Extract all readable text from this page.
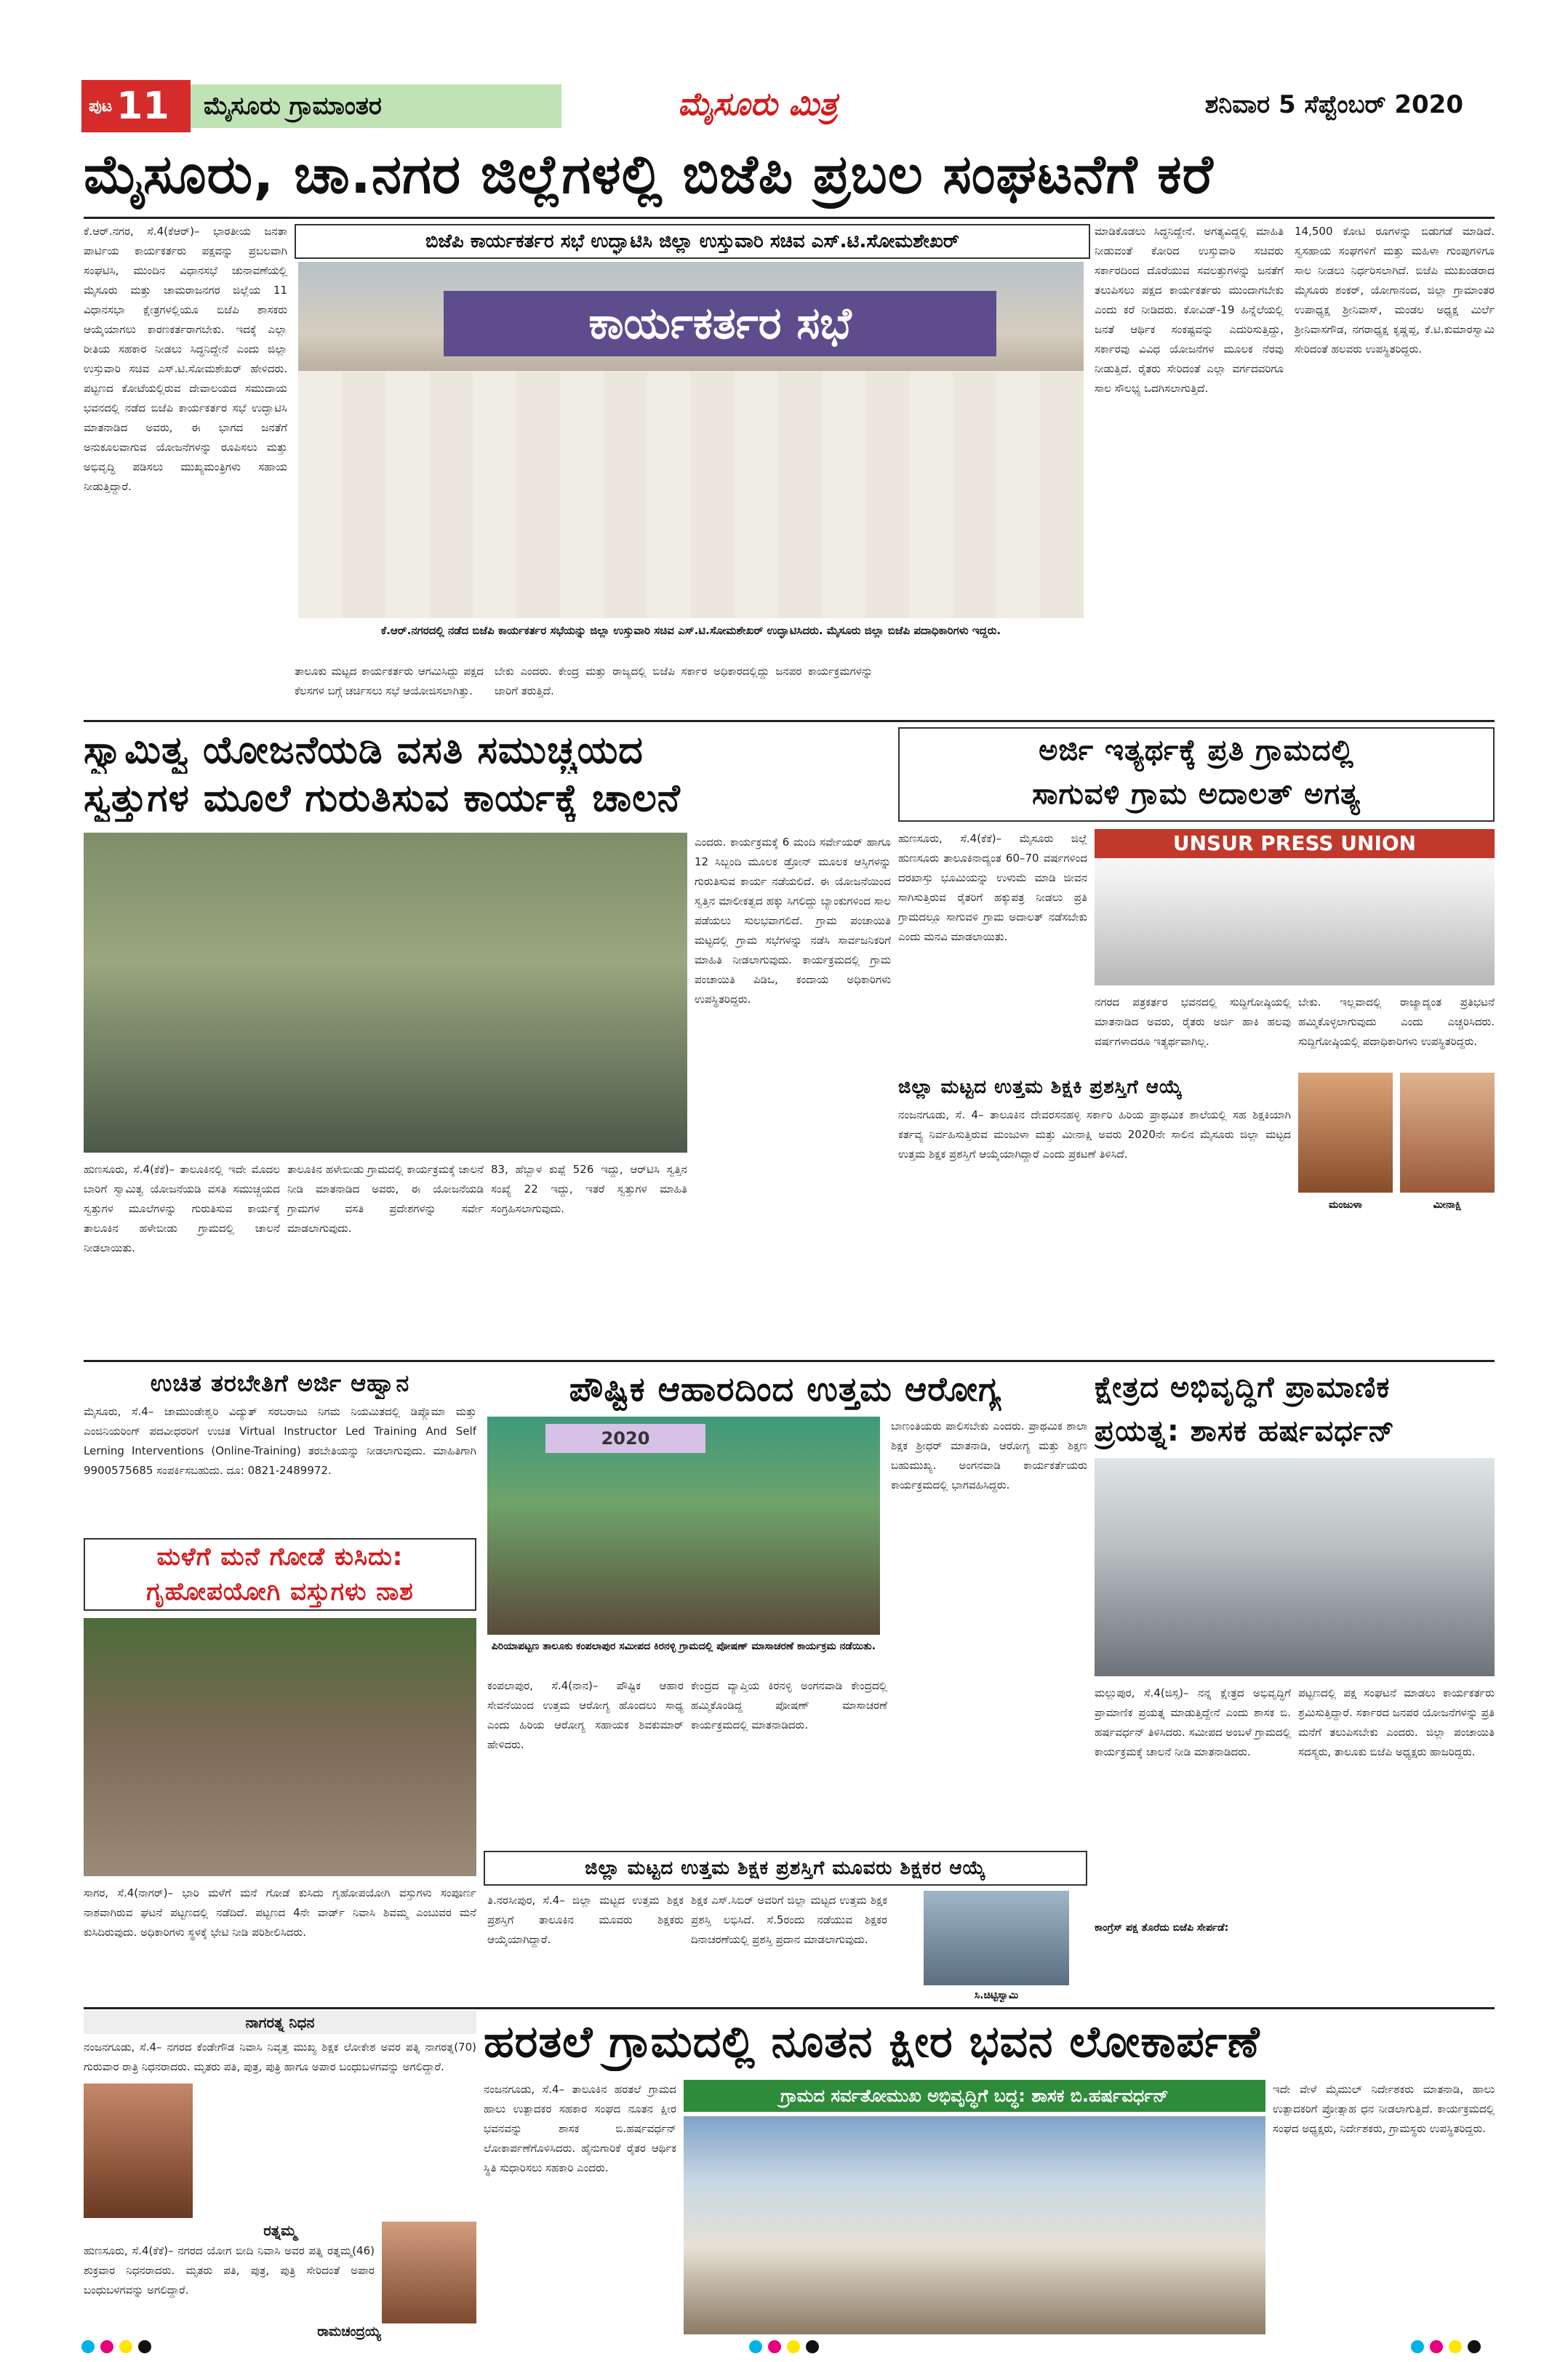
ಪುಟ 11	ಮೈಸೂರು ಗ್ರಾಮಾಂತರ	ಮೈಸೂರು ಮಿತ್ರ	ಶನಿವಾರ 5 ಸೆಪ್ಟೆಂಬರ್ 2020
ಮೈಸೂರು, ಚಾ.ನಗರ ಜಿಲ್ಲೆಗಳಲ್ಲಿ ಬಿಜೆಪಿ ಪ್ರಬಲ ಸಂಘಟನೆಗೆ ಕರೆ
ಕೆ.ಆರ್.ನಗರ, ಸೆ.4(ಕೆಆರ್)– ಭಾರತೀಯ ಜನತಾ ಪಾರ್ಟಿಯ ಕಾರ್ಯಕರ್ತರು ಪಕ್ಷವನ್ನು ಪ್ರಬಲವಾಗಿ ಸಂಘಟಿಸಿ, ಮುಂದಿನ ವಿಧಾನಸಭೆ ಚುನಾವಣೆಯಲ್ಲಿ ಮೈಸೂರು ಮತ್ತು ಚಾಮರಾಜನಗರ ಜಿಲ್ಲೆಯ 11 ವಿಧಾನಸಭಾ ಕ್ಷೇತ್ರಗಳಲ್ಲಿಯೂ ಬಿಜೆಪಿ ಶಾಸಕರು ಆಯ್ಕೆಯಾಗಲು ಕಾರಣಕರ್ತರಾಗಬೇಕು. ಇದಕ್ಕೆ ಎಲ್ಲಾ ರೀತಿಯ ಸಹಕಾರ ನೀಡಲು ಸಿದ್ಧನಿದ್ದೇನೆ ಎಂದು ಜಿಲ್ಲಾ ಉಸ್ತುವಾರಿ ಸಚಿವ ಎಸ್.ಟಿ.ಸೋಮಶೇಖರ್ ಹೇಳಿದರು. ಪಟ್ಟಣದ ಕೋಟೆಯಲ್ಲಿರುವ ದೇವಾಲಯದ ಸಮುದಾಯ ಭವನದಲ್ಲಿ ನಡೆದ ಬಿಜೆಪಿ ಕಾರ್ಯಕರ್ತರ ಸಭೆ ಉದ್ಘಾಟಿಸಿ ಮಾತನಾಡಿದ ಅವರು, ಈ ಭಾಗದ ಜನತೆಗೆ ಅನುಕೂಲವಾಗುವ ಯೋಜನೆಗಳನ್ನು ರೂಪಿಸಲು ಮತ್ತು ಅಭಿವೃದ್ಧಿ ಪಡಿಸಲು ಮುಖ್ಯಮಂತ್ರಿಗಳು ಸಹಾಯ ನೀಡುತ್ತಿದ್ದಾರೆ.
ಬಿಜೆಪಿ ಕಾರ್ಯಕರ್ತರ ಸಭೆ ಉದ್ಘಾಟಿಸಿ ಜಿಲ್ಲಾ ಉಸ್ತುವಾರಿ ಸಚಿವ ಎಸ್.ಟಿ.ಸೋಮಶೇಖರ್
ಕಾರ್ಯಕರ್ತರ ಸಭೆ
ಕೆ.ಆರ್.ನಗರದಲ್ಲಿ ನಡೆದ ಬಿಜೆಪಿ ಕಾರ್ಯಕರ್ತರ ಸಭೆಯನ್ನು ಜಿಲ್ಲಾ ಉಸ್ತುವಾರಿ ಸಚಿವ ಎಸ್.ಟಿ.ಸೋಮಶೇಖರ್ ಉದ್ಘಾಟಿಸಿದರು. ಮೈಸೂರು ಜಿಲ್ಲಾ ಬಿಜೆಪಿ ಪದಾಧಿಕಾರಿಗಳು ಇದ್ದರು.
ತಾಲೂಕು ಮಟ್ಟದ ಕಾರ್ಯಕರ್ತರು ಆಗಮಿಸಿದ್ದು ಪಕ್ಷದ ಕೆಲಸಗಳ ಬಗ್ಗೆ ಚರ್ಚಿಸಲು ಸಭೆ ಆಯೋಜಿಸಲಾಗಿತ್ತು.
ಬೇಕು ಎಂದರು. ಕೇಂದ್ರ ಮತ್ತು ರಾಜ್ಯದಲ್ಲಿ ಬಿಜೆಪಿ ಸರ್ಕಾರ ಅಧಿಕಾರದಲ್ಲಿದ್ದು ಜನಪರ ಕಾರ್ಯಕ್ರಮಗಳನ್ನು ಜಾರಿಗೆ ತರುತ್ತಿದೆ.
ಮಾಡಿಕೊಡಲು ಸಿದ್ಧನಿದ್ದೇನೆ. ಅಗತ್ಯವಿದ್ದಲ್ಲಿ ಮಾಹಿತಿ ನೀಡುವಂತೆ ಕೋರಿದ ಉಸ್ತುವಾರಿ ಸಚಿವರು ಸರ್ಕಾರದಿಂದ ದೊರೆಯುವ ಸವಲತ್ತುಗಳನ್ನು ಜನತೆಗೆ ತಲುಪಿಸಲು ಪಕ್ಷದ ಕಾರ್ಯಕರ್ತರು ಮುಂದಾಗಬೇಕು ಎಂದು ಕರೆ ನೀಡಿದರು. ಕೋವಿಡ್‌-19 ಹಿನ್ನೆಲೆಯಲ್ಲಿ ಜನತೆ ಆರ್ಥಿಕ ಸಂಕಷ್ಟವನ್ನು ಎದುರಿಸುತ್ತಿದ್ದು, ಸರ್ಕಾರವು ವಿವಿಧ ಯೋಜನೆಗಳ ಮೂಲಕ ನೆರವು ನೀಡುತ್ತಿದೆ. ರೈತರು ಸೇರಿದಂತೆ ಎಲ್ಲಾ ವರ್ಗದವರಿಗೂ ಸಾಲ ಸೌಲಭ್ಯ ಒದಗಿಸಲಾಗುತ್ತಿದೆ.
14,500 ಕೋಟಿ ರೂಗಳನ್ನು ಬಿಡುಗಡೆ ಮಾಡಿದೆ. ಸ್ವಸಹಾಯ ಸಂಘಗಳಿಗೆ ಮತ್ತು ಮಹಿಳಾ ಗುಂಪುಗಳಿಗೂ ಸಾಲ ನೀಡಲು ನಿರ್ಧರಿಸಲಾಗಿದೆ. ಬಿಜೆಪಿ ಮುಖಂಡರಾದ ಮೈಸೂರು ಶಂಕರ್, ಯೋಗಾನಂದ, ಜಿಲ್ಲಾ ಗ್ರಾಮಾಂತರ ಉಪಾಧ್ಯಕ್ಷ ಶ್ರೀನಿವಾಸ್, ಮಂಡಲ ಅಧ್ಯಕ್ಷ ಮಿರ್ಲೆ ಶ್ರೀನಿವಾಸಗೌಡ, ನಗರಾಧ್ಯಕ್ಷ ಕೃಷ್ಣಪ್ಪ, ಕೆ.ಟಿ.ಕುಮಾರಸ್ವಾಮಿ ಸೇರಿದಂತೆ ಹಲವರು ಉಪಸ್ಥಿತರಿದ್ದರು.
ಸ್ವಾಮಿತ್ವ ಯೋಜನೆಯಡಿ ವಸತಿ ಸಮುಚ್ಚಯದ
ಸ್ವತ್ತುಗಳ ಮೂಲೆ ಗುರುತಿಸುವ ಕಾರ್ಯಕ್ಕೆ ಚಾಲನೆ
ಎಂದರು. ಕಾರ್ಯಕ್ರಮಕ್ಕೆ 6 ಮಂದಿ ಸರ್ವೇಯರ್ ಹಾಗೂ 12 ಸಿಬ್ಬಂದಿ ಮೂಲಕ ಡ್ರೋನ್ ಮೂಲಕ ಆಸ್ತಿಗಳನ್ನು ಗುರುತಿಸುವ ಕಾರ್ಯ ನಡೆಯಲಿದೆ. ಈ ಯೋಜನೆಯಿಂದ ಸ್ವತ್ತಿನ ಮಾಲೀಕತ್ವದ ಹಕ್ಕು ಸಿಗಲಿದ್ದು ಬ್ಯಾಂಕುಗಳಿಂದ ಸಾಲ ಪಡೆಯಲು ಸುಲಭವಾಗಲಿದೆ. ಗ್ರಾಮ ಪಂಚಾಯಿತಿ ಮಟ್ಟದಲ್ಲಿ ಗ್ರಾಮ ಸಭೆಗಳನ್ನು ನಡೆಸಿ ಸಾರ್ವಜನಿಕರಿಗೆ ಮಾಹಿತಿ ನೀಡಲಾಗುವುದು. ಕಾರ್ಯಕ್ರಮದಲ್ಲಿ ಗ್ರಾಮ ಪಂಚಾಯಿತಿ ಪಿಡಿಒ, ಕಂದಾಯ ಅಧಿಕಾರಿಗಳು ಉಪಸ್ಥಿತರಿದ್ದರು.
ಹುಣಸೂರು, ಸೆ.4(ಕೆಕೆ)– ತಾಲೂಕಿನಲ್ಲಿ ಇದೇ ಮೊದಲ ಬಾರಿಗೆ ಸ್ವಾಮಿತ್ವ ಯೋಜನೆಯಡಿ ವಸತಿ ಸಮುಚ್ಚಯದ ಸ್ವತ್ತುಗಳ ಮೂಲೆಗಳನ್ನು ಗುರುತಿಸುವ ಕಾರ್ಯಕ್ಕೆ ತಾಲೂಕಿನ ಹಳೇಬೀಡು ಗ್ರಾಮದಲ್ಲಿ ಚಾಲನೆ ನೀಡಲಾಯಿತು.
ತಾಲೂಕಿನ ಹಳೇಬೀಡು ಗ್ರಾಮದಲ್ಲಿ ಕಾರ್ಯಕ್ರಮಕ್ಕೆ ಚಾಲನೆ ನೀಡಿ ಮಾತನಾಡಿದ ಅವರು, ಈ ಯೋಜನೆಯಡಿ ಗ್ರಾಮಗಳ ವಸತಿ ಪ್ರದೇಶಗಳನ್ನು ಸರ್ವೇ ಮಾಡಲಾಗುವುದು.
83, ಹೆಬ್ಬಾಳ ಕುಪ್ಪೆ 526 ಇದ್ದು, ಆರ್‌ಟಿಸಿ ಸ್ವತ್ತಿನ ಸಂಖ್ಯೆ 22 ಇದ್ದು, ಇತರೆ ಸ್ವತ್ತುಗಳ ಮಾಹಿತಿ ಸಂಗ್ರಹಿಸಲಾಗುವುದು.
ಅರ್ಜಿ ಇತ್ಯರ್ಥಕ್ಕೆ ಪ್ರತಿ ಗ್ರಾಮದಲ್ಲಿ
ಸಾಗುವಳಿ ಗ್ರಾಮ ಅದಾಲತ್ ಅಗತ್ಯ
ಹುಣಸೂರು, ಸೆ.4(ಕೆಕೆ)– ಮೈಸೂರು ಜಿಲ್ಲೆ ಹುಣಸೂರು ತಾಲೂಕಿನಾದ್ಯಂತ 60–70 ವರ್ಷಗಳಿಂದ ದರಖಾಸ್ತು ಭೂಮಿಯನ್ನು ಉಳುಮೆ ಮಾಡಿ ಜೀವನ ಸಾಗಿಸುತ್ತಿರುವ ರೈತರಿಗೆ ಹಕ್ಕುಪತ್ರ ನೀಡಲು ಪ್ರತಿ ಗ್ರಾಮದಲ್ಲೂ ಸಾಗುವಳಿ ಗ್ರಾಮ ಅದಾಲತ್ ನಡೆಸಬೇಕು ಎಂದು ಮನವಿ ಮಾಡಲಾಯಿತು.
UNSUR PRESS UNION
ನಗರದ ಪತ್ರಕರ್ತರ ಭವನದಲ್ಲಿ ಸುದ್ದಿಗೋಷ್ಠಿಯಲ್ಲಿ ಮಾತನಾಡಿದ ಅವರು, ರೈತರು ಅರ್ಜಿ ಹಾಕಿ ಹಲವು ವರ್ಷಗಳಾದರೂ ಇತ್ಯರ್ಥವಾಗಿಲ್ಲ.
ಬೇಕು. ಇಲ್ಲವಾದಲ್ಲಿ ರಾಜ್ಯಾದ್ಯಂತ ಪ್ರತಿಭಟನೆ ಹಮ್ಮಿಕೊಳ್ಳಲಾಗುವುದು ಎಂದು ಎಚ್ಚರಿಸಿದರು. ಸುದ್ದಿಗೋಷ್ಠಿಯಲ್ಲಿ ಪದಾಧಿಕಾರಿಗಳು ಉಪಸ್ಥಿತರಿದ್ದರು.
ಜಿಲ್ಲಾ ಮಟ್ಟದ ಉತ್ತಮ ಶಿಕ್ಷಕಿ ಪ್ರಶಸ್ತಿಗೆ ಆಯ್ಕೆ
ನಂಜನಗೂಡು, ಸೆ. 4– ತಾಲೂಕಿನ ದೇವರಸನಹಳ್ಳಿ ಸರ್ಕಾರಿ ಹಿರಿಯ ಪ್ರಾಥಮಿಕ ಶಾಲೆಯಲ್ಲಿ ಸಹ ಶಿಕ್ಷಕಿಯಾಗಿ ಕರ್ತವ್ಯ ನಿರ್ವಹಿಸುತ್ತಿರುವ ಮಂಜುಳಾ ಮತ್ತು ಮೀನಾಕ್ಷಿ ಅವರು 2020ನೇ ಸಾಲಿನ ಮೈಸೂರು ಜಿಲ್ಲಾ ಮಟ್ಟದ ಉತ್ತಮ ಶಿಕ್ಷಕ ಪ್ರಶಸ್ತಿಗೆ ಆಯ್ಕೆಯಾಗಿದ್ದಾರೆ ಎಂದು ಪ್ರಕಟಣೆ ತಿಳಿಸಿದೆ.
ಮಂಜುಳಾ	ಮೀನಾಕ್ಷಿ
ಉಚಿತ ತರಬೇತಿಗೆ ಅರ್ಜಿ ಆಹ್ವಾನ
ಮೈಸೂರು, ಸೆ.4– ಚಾಮುಂಡೇಶ್ವರಿ ವಿದ್ಯುತ್ ಸರಬರಾಜು ನಿಗಮ ನಿಯಮಿತದಲ್ಲಿ ಡಿಪ್ಲೊಮಾ ಮತ್ತು ಎಂಜಿನಿಯರಿಂಗ್ ಪದವೀಧರರಿಗೆ ಉಚಿತ Virtual Instructor Led Training And Self Lerning Interventions (Online-Training) ತರಬೇತಿಯನ್ನು ನೀಡಲಾಗುವುದು. ಮಾಹಿತಿಗಾಗಿ 9900575685 ಸಂಪರ್ಕಿಸಬಹುದು. ದೂ: 0821-2489972.
ಮಳೆಗೆ ಮನೆ ಗೋಡೆ ಕುಸಿದು:
ಗೃಹೋಪಯೋಗಿ ವಸ್ತುಗಳು ನಾಶ
ಸಾಗರ, ಸೆ.4(ನಾಗರ್)– ಭಾರಿ ಮಳೆಗೆ ಮನೆ ಗೋಡೆ ಕುಸಿದು ಗೃಹೋಪಯೋಗಿ ವಸ್ತುಗಳು ಸಂಪೂರ್ಣ ನಾಶವಾಗಿರುವ ಘಟನೆ ಪಟ್ಟಣದಲ್ಲಿ ನಡೆದಿದೆ. ಪಟ್ಟಣದ 4ನೇ ವಾರ್ಡ್ ನಿವಾಸಿ ಶಿವಮ್ಮ ಎಂಬುವರ ಮನೆ ಕುಸಿದಿರುವುದು. ಅಧಿಕಾರಿಗಳು ಸ್ಥಳಕ್ಕೆ ಭೇಟಿ ನೀಡಿ ಪರಿಶೀಲಿಸಿದರು.
ಪೌಷ್ಟಿಕ ಆಹಾರದಿಂದ ಉತ್ತಮ ಆರೋಗ್ಯ
2020
ಪಿರಿಯಾಪಟ್ಟಣ ತಾಲೂಕು ಕಂಪಲಾಪುರ ಸಮೀಪದ ಕಿರನಳ್ಳಿ ಗ್ರಾಮದಲ್ಲಿ ಪೋಷಣ್ ಮಾಸಾಚರಣೆ ಕಾರ್ಯಕ್ರಮ ನಡೆಯಿತು.
ಬಾಣಂತಿಯರು ಪಾಲಿಸಬೇಕು ಎಂದರು. ಪ್ರಾಥಮಿಕ ಶಾಲಾ ಶಿಕ್ಷಕ ಶ್ರೀಧರ್ ಮಾತನಾಡಿ, ಆರೋಗ್ಯ ಮತ್ತು ಶಿಕ್ಷಣ ಬಹುಮುಖ್ಯ. ಅಂಗನವಾಡಿ ಕಾರ್ಯಕರ್ತೆಯರು ಕಾರ್ಯಕ್ರಮದಲ್ಲಿ ಭಾಗವಹಿಸಿದ್ದರು.
ಕಂಪಲಾಪುರ, ಸೆ.4(ನಾನ)– ಪೌಷ್ಟಿಕ ಆಹಾರ ಸೇವನೆಯಿಂದ ಉತ್ತಮ ಆರೋಗ್ಯ ಹೊಂದಲು ಸಾಧ್ಯ ಎಂದು ಹಿರಿಯ ಆರೋಗ್ಯ ಸಹಾಯಕ ಶಿವಕುಮಾರ್ ಹೇಳಿದರು.
ಕೇಂದ್ರದ ವ್ಯಾಪ್ತಿಯ ಕಿರನಳ್ಳಿ ಅಂಗನವಾಡಿ ಕೇಂದ್ರದಲ್ಲಿ ಹಮ್ಮಿಕೊಂಡಿದ್ದ ಪೋಷಣ್ ಮಾಸಾಚರಣೆ ಕಾರ್ಯಕ್ರಮದಲ್ಲಿ ಮಾತನಾಡಿದರು.
ಜಿಲ್ಲಾ ಮಟ್ಟದ ಉತ್ತಮ ಶಿಕ್ಷಕ ಪ್ರಶಸ್ತಿಗೆ ಮೂವರು ಶಿಕ್ಷಕರ ಆಯ್ಕೆ
ತಿ.ನರಸೀಪುರ, ಸೆ.4– ಜಿಲ್ಲಾ ಮಟ್ಟದ ಉತ್ತಮ ಶಿಕ್ಷಕ ಪ್ರಶಸ್ತಿಗೆ ತಾಲೂಕಿನ ಮೂವರು ಶಿಕ್ಷಕರು ಆಯ್ಕೆಯಾಗಿದ್ದಾರೆ.
ಶಿಕ್ಷಕ ಎಸ್.ಸಿಬಿರ್ ಅವರಿಗೆ ಜಿಲ್ಲಾ ಮಟ್ಟದ ಉತ್ತಮ ಶಿಕ್ಷಕ ಪ್ರಶಸ್ತಿ ಲಭಿಸಿದೆ. ಸೆ.5ರಂದು ನಡೆಯುವ ಶಿಕ್ಷಕರ ದಿನಾಚರಣೆಯಲ್ಲಿ ಪ್ರಶಸ್ತಿ ಪ್ರದಾನ ಮಾಡಲಾಗುವುದು.
ಸಿ.ಚಿಟ್ಟಿಸ್ವಾಮಿ
ಕ್ಷೇತ್ರದ ಅಭಿವೃದ್ಧಿಗೆ ಪ್ರಾಮಾಣಿಕ
ಪ್ರಯತ್ನ: ಶಾಸಕ ಹರ್ಷವರ್ಧನ್
ಮಲ್ಲುಪುರ, ಸೆ.4(ಜಿಸ್ಸ)– ನನ್ನ ಕ್ಷೇತ್ರದ ಅಭಿವೃದ್ಧಿಗೆ ಪ್ರಾಮಾಣಿಕ ಪ್ರಯತ್ನ ಮಾಡುತ್ತಿದ್ದೇನೆ ಎಂದು ಶಾಸಕ ಬಿ. ಹರ್ಷವರ್ಧನ್ ತಿಳಿಸಿದರು. ಸಮೀಪದ ಅಂಬಳೆ ಗ್ರಾಮದಲ್ಲಿ ಕಾರ್ಯಕ್ರಮಕ್ಕೆ ಚಾಲನೆ ನೀಡಿ ಮಾತನಾಡಿದರು.
ಪಟ್ಟಣದಲ್ಲಿ ಪಕ್ಷ ಸಂಘಟನೆ ಮಾಡಲು ಕಾರ್ಯಕರ್ತರು ಶ್ರಮಿಸುತ್ತಿದ್ದಾರೆ. ಸರ್ಕಾರದ ಜನಪರ ಯೋಜನೆಗಳನ್ನು ಪ್ರತಿ ಮನೆಗೆ ತಲುಪಿಸಬೇಕು ಎಂದರು. ಜಿಲ್ಲಾ ಪಂಚಾಯಿತಿ ಸದಸ್ಯರು, ತಾಲೂಕು ಬಿಜೆಪಿ ಅಧ್ಯಕ್ಷರು ಹಾಜರಿದ್ದರು.
ಕಾಂಗ್ರೆಸ್ ಪಕ್ಷ ತೊರೆದು ಬಿಜೆಪಿ ಸೇರ್ಪಡೆ:
ನಾಗರತ್ನ ನಿಧನ
ನಂಜನಗೂಡು, ಸೆ.4– ನಗರದ ಕೆಂಡೇಗೌಡ ನಿವಾಸಿ ನಿವೃತ್ತ ಮುಖ್ಯ ಶಿಕ್ಷಕ ಲೋಕೇಶ ಅವರ ಪತ್ನಿ ನಾಗರತ್ನ(70) ಗುರುವಾರ ರಾತ್ರಿ ನಿಧನರಾದರು. ಮೃತರು ಪತಿ, ಪುತ್ರ, ಪುತ್ರಿ ಹಾಗೂ ಅಪಾರ ಬಂಧುಬಳಗವನ್ನು ಅಗಲಿದ್ದಾರೆ.
ರತ್ನಮ್ಮ
ಹುಣಸೂರು, ಸೆ.4(ಕೆಕೆ)– ನಗರದ ಯೋಗ ಬೀದಿ ನಿವಾಸಿ ಅವರ ಪತ್ನಿ ರತ್ನಮ್ಮ(46) ಶುಕ್ರವಾರ ನಿಧನರಾದರು. ಮೃತರು ಪತಿ, ಪುತ್ರ, ಪುತ್ರಿ ಸೇರಿದಂತೆ ಅಪಾರ ಬಂಧುಬಳಗವನ್ನು ಅಗಲಿದ್ದಾರೆ.
ರಾಮಚಂದ್ರಯ್ಯ
ಹರತಲೆ ಗ್ರಾಮದಲ್ಲಿ ನೂತನ ಕ್ಷೀರ ಭವನ ಲೋಕಾರ್ಪಣೆ
ಗ್ರಾಮದ ಸರ್ವತೋಮುಖ ಅಭಿವೃದ್ಧಿಗೆ ಬದ್ಧ: ಶಾಸಕ ಬಿ.ಹರ್ಷವರ್ಧನ್
ನಂಜನಗೂಡು, ಸೆ.4– ತಾಲೂಕಿನ ಹರತಲೆ ಗ್ರಾಮದ ಹಾಲು ಉತ್ಪಾದಕರ ಸಹಕಾರ ಸಂಘದ ನೂತನ ಕ್ಷೀರ ಭವನವನ್ನು ಶಾಸಕ ಬಿ.ಹರ್ಷವರ್ಧನ್ ಲೋಕಾರ್ಪಣೆಗೊಳಿಸಿದರು. ಹೈನುಗಾರಿಕೆ ರೈತರ ಆರ್ಥಿಕ ಸ್ಥಿತಿ ಸುಧಾರಿಸಲು ಸಹಕಾರಿ ಎಂದರು.
ಇದೇ ವೇಳೆ ಮೈಮುಲ್ ನಿರ್ದೇಶಕರು ಮಾತನಾಡಿ, ಹಾಲು ಉತ್ಪಾದಕರಿಗೆ ಪ್ರೋತ್ಸಾಹ ಧನ ನೀಡಲಾಗುತ್ತಿದೆ. ಕಾರ್ಯಕ್ರಮದಲ್ಲಿ ಸಂಘದ ಅಧ್ಯಕ್ಷರು, ನಿರ್ದೇಶಕರು, ಗ್ರಾಮಸ್ಥರು ಉಪಸ್ಥಿತರಿದ್ದರು.
